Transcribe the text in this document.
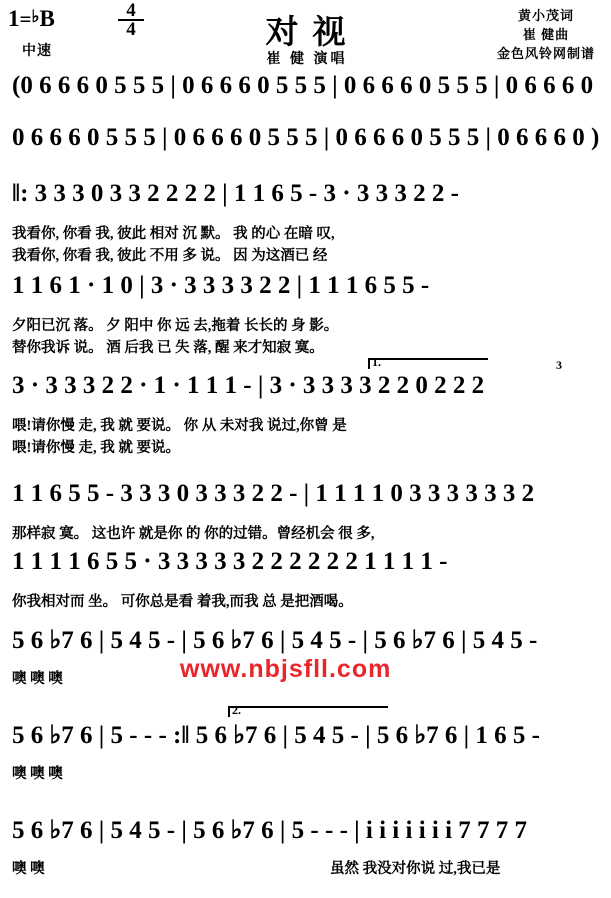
1=♭B	$\frac{4}{4}$
中速
对视
崔 健 演唱
黄小茂词
崔 健曲
金色风铃网制谱
(0 6 6 6 0 5 5 5 | 0 6 6 6 0 5 5 5 | 0 6 6 6 0 5 5 5 | 0 6 6 6 0
0 6 6 6 0 5 5 5 | 0 6 6 6 0 5 5 5 | 0 6 6 6 0 5 5 5 | 0 6 6 6 0 )
‖: 3 3 3 0 3 3 2 2 2 2 | 1 1 6 5 - 3 · 3 3 3 2 2 -
我看你, 你看 我, 彼此 相对 沉 默。 我 的心 在暗 叹,
我看你, 你看 我, 彼此 不用 多 说。 因 为这酒已 经
1 1 6 1 · 1 0 | 3 · 3 3 3 3 2 2 | 1 1 1 6 5 5 -
夕阳已沉 落。 夕 阳中 你 远 去,拖着 长长的 身 影。
替你我诉 说。 酒 后我 已 失 落, 醒 来才知寂 寞。
1.	3
3 · 3 3 3 2 2 · 1 · 1 1 1 - | 3 · 3 3 3 3 2 2 0 2 2 2
喂!请你慢 走, 我 就 要说。 你 从 未对我 说过,你曾 是
喂!请你慢 走, 我 就 要说。
1 1 6 5 5 - 3 3 3 0 3 3 3 2 2 - | 1 1 1 1 0 3 3 3 3 3 3 2
那样寂 寞。 这也许 就是你 的 你的过错。曾经机会 很 多,
1 1 1 1 6 5 5 · 3 3 3 3 3 2 2 2 2 2 2 1 1 1 1 -
你我相对而 坐。 可你总是看 着我,而我 总 是把酒喝。
5 6 ♭7 6 | 5 4 5 - | 5 6 ♭7 6 | 5 4 5 - | 5 6 ♭7 6 | 5 4 5 -
噢 噢 噢
2.
5 6 ♭7 6 | 5 - - - :‖ 5 6 ♭7 6 | 5 4 5 - | 5 6 ♭7 6 | 1 6 5 -
噢 噢 噢
5 6 ♭7 6 | 5 4 5 - | 5 6 ♭7 6 | 5 - - - | i i i i i i i 7 7 7 7
噢 噢	虽然 我没对你说 过,我已是
www.nbjsfll.com
